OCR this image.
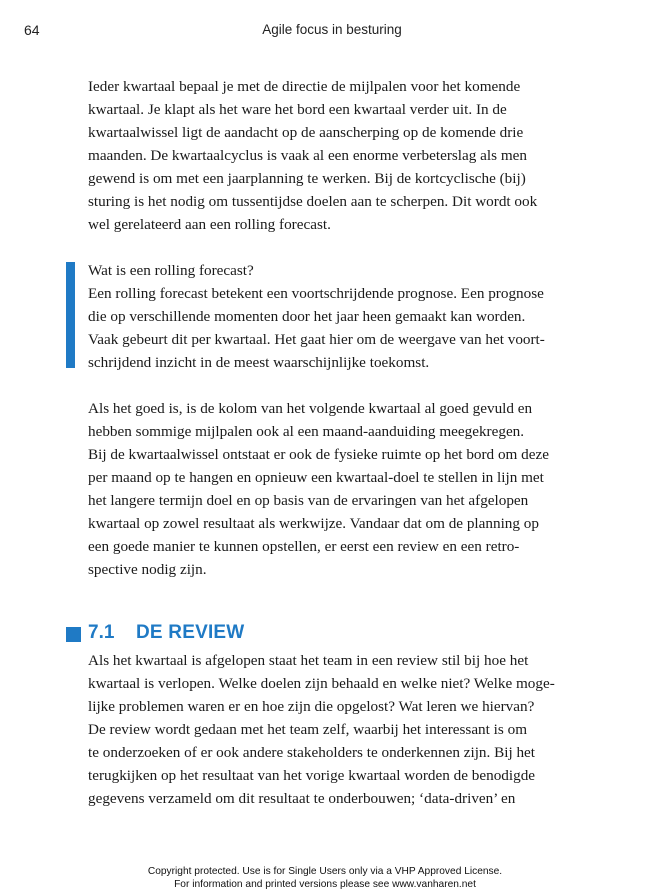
64	Agile focus in besturing
Ieder kwartaal bepaal je met de directie de mijlpalen voor het komende
kwartaal. Je klapt als het ware het bord een kwartaal verder uit. In de
kwartaalwissel ligt de aandacht op de aanscherping op de komende drie
maanden. De kwartaalcyclus is vaak al een enorme verbeterslag als men
gewend is om met een jaarplanning te werken. Bij de kortcyclische (bij)
sturing is het nodig om tussentijdse doelen aan te scherpen. Dit wordt ook
wel gerelateerd aan een rolling forecast.
Wat is een rolling forecast?
Een rolling forecast betekent een voortschrijdende prognose. Een prognose
die op verschillende momenten door het jaar heen gemaakt kan worden.
Vaak gebeurt dit per kwartaal. Het gaat hier om de weergave van het voort-
schrijdend inzicht in de meest waarschijnlijke toekomst.
Als het goed is, is de kolom van het volgende kwartaal al goed gevuld en
hebben sommige mijlpalen ook al een maand-aanduiding meegekregen.
Bij de kwartaalwissel ontstaat er ook de fysieke ruimte op het bord om deze
per maand op te hangen en opnieuw een kwartaal-doel te stellen in lijn met
het langere termijn doel en op basis van de ervaringen van het afgelopen
kwartaal op zowel resultaat als werkwijze. Vandaar dat om de planning op
een goede manier te kunnen opstellen, er eerst een review en een retro-
spective nodig zijn.
7.1 DE REVIEW
Als het kwartaal is afgelopen staat het team in een review stil bij hoe het
kwartaal is verlopen. Welke doelen zijn behaald en welke niet? Welke moge-
lijke problemen waren er en hoe zijn die opgelost? Wat leren we hiervan?
De review wordt gedaan met het team zelf, waarbij het interessant is om
te onderzoeken of er ook andere stakeholders te onderkennen zijn. Bij het
terugkijken op het resultaat van het vorige kwartaal worden de benodigde
gegevens verzameld om dit resultaat te onderbouwen; ‘data-driven’ en
Copyright protected. Use is for Single Users only via a VHP Approved License.
For information and printed versions please see www.vanharen.net
